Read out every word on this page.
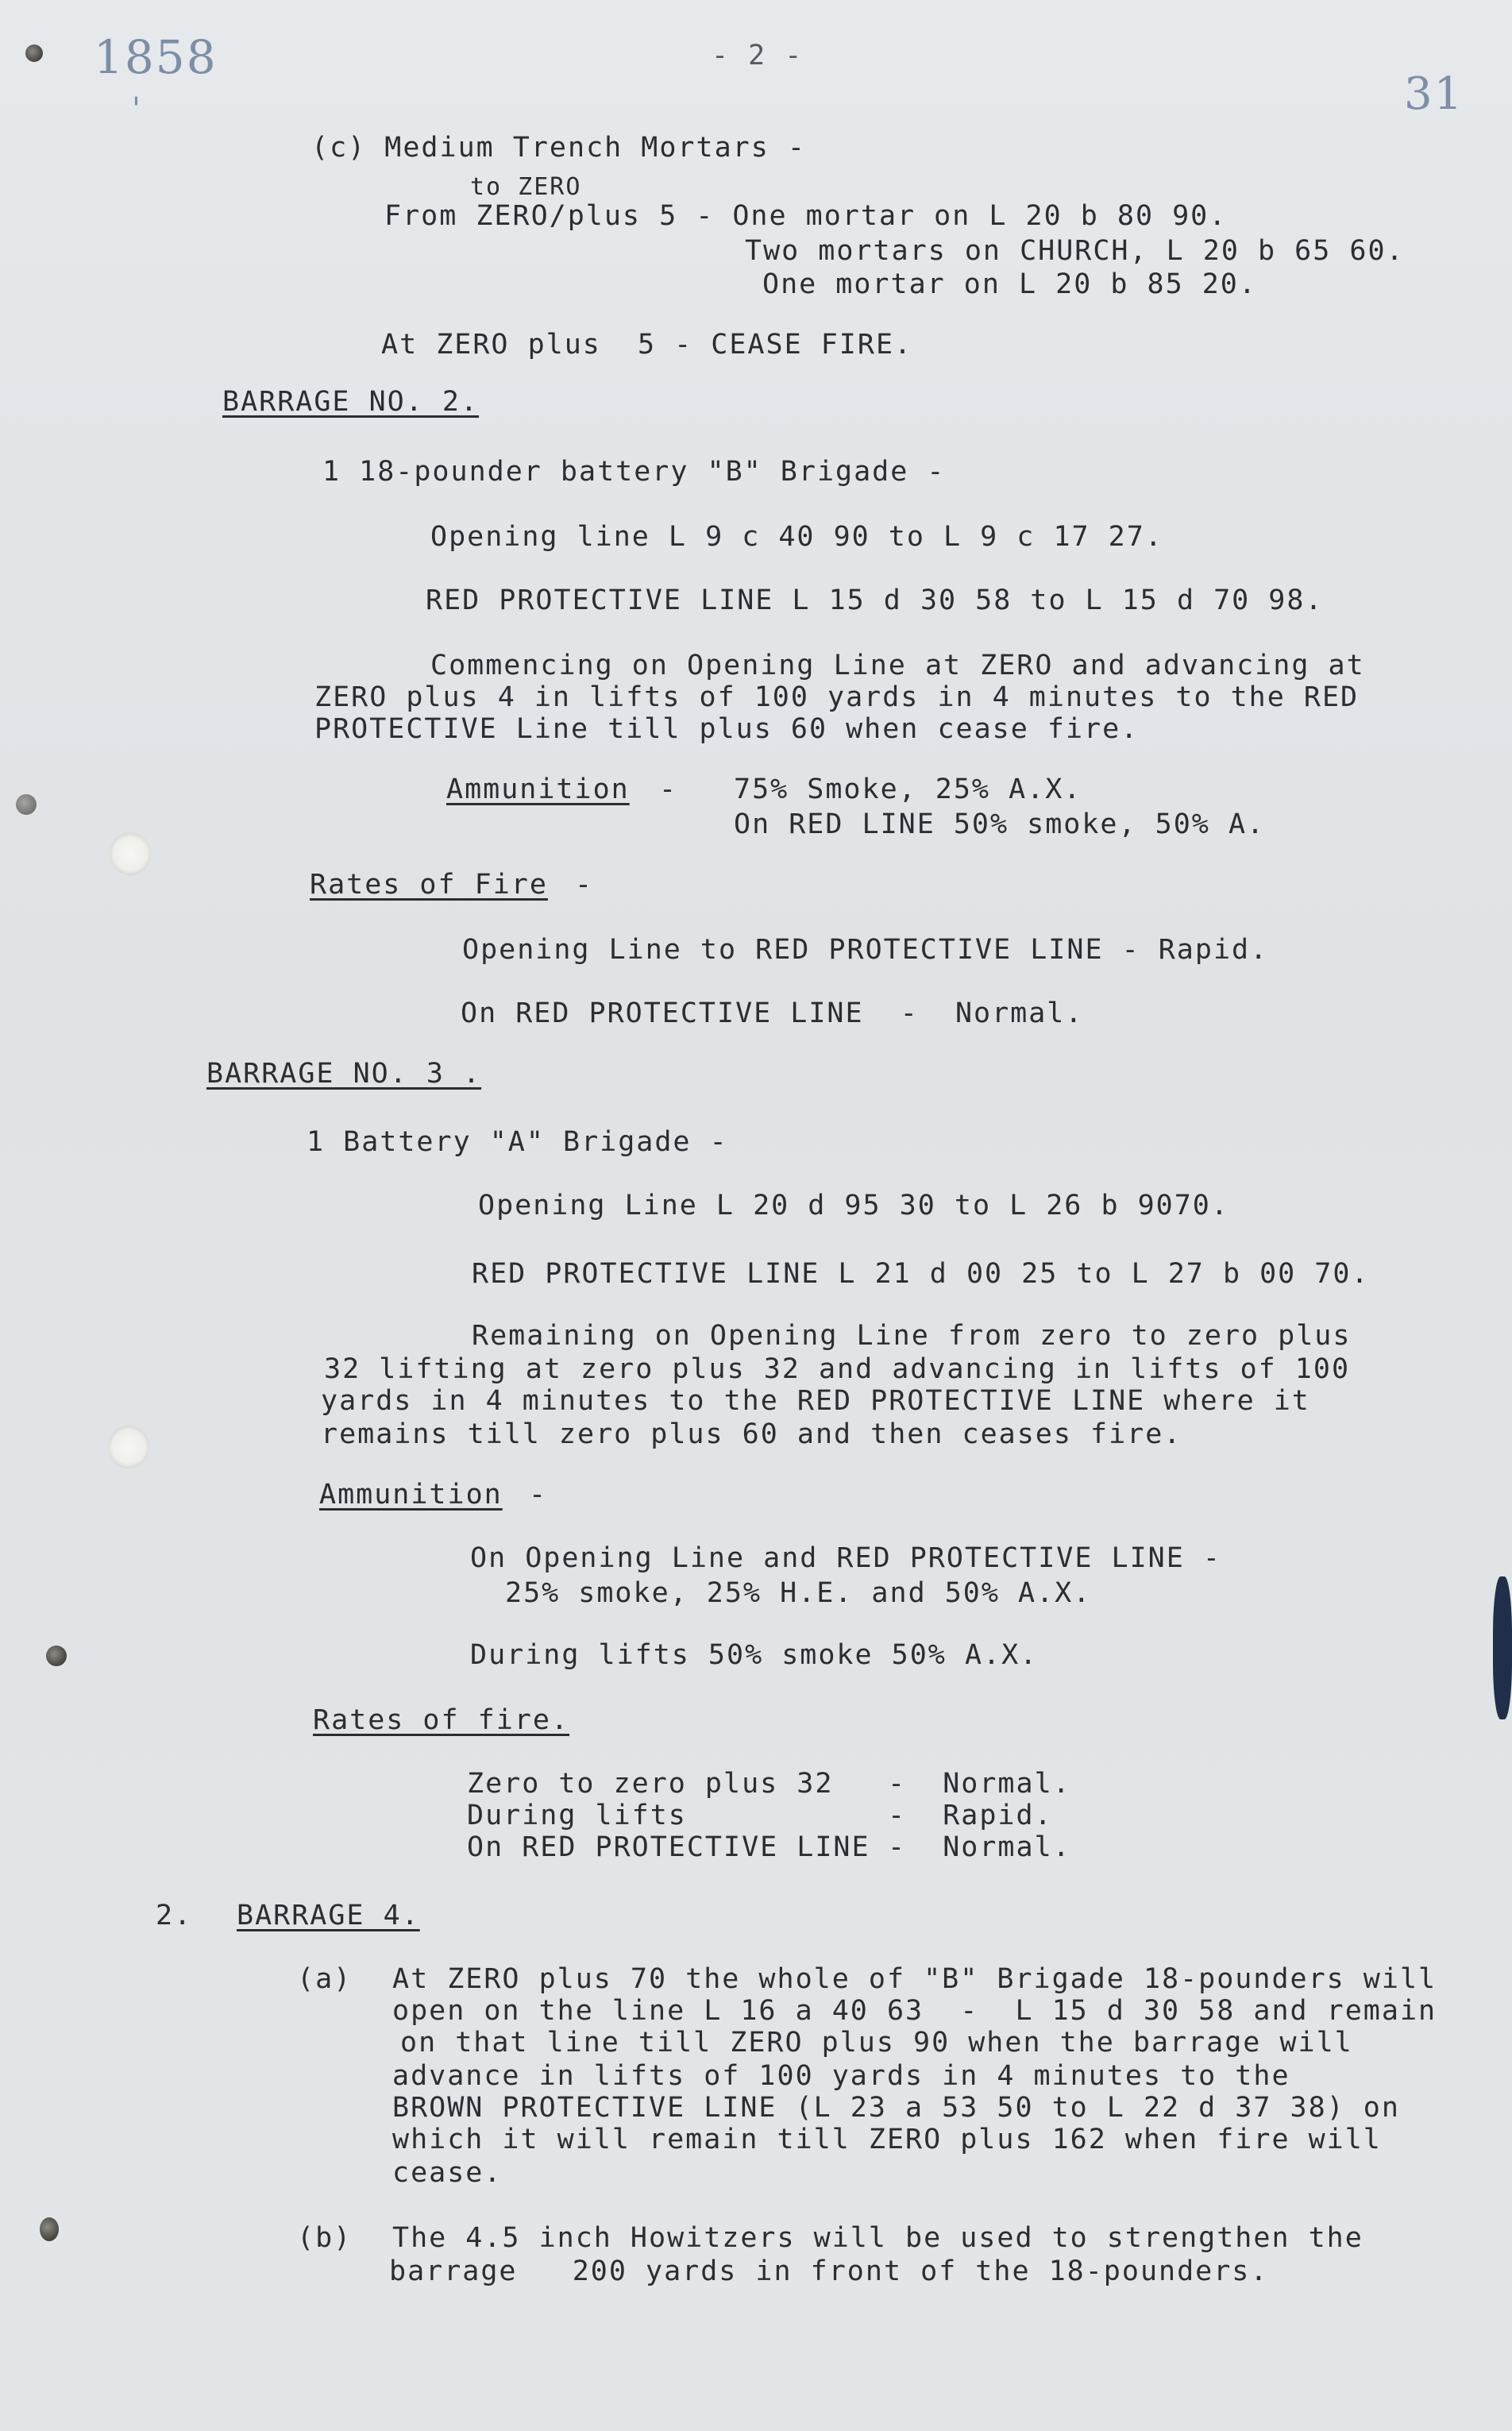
1858
'
- 2 -
31
(c) Medium Trench Mortars -
to ZERO
From ZERO/plus 5 - One mortar on L 20 b 80 90.
Two mortars on CHURCH, L 20 b 65 60.
One mortar on L 20 b 85 20.
At ZERO plus  5 - CEASE FIRE.
BARRAGE NO. 2.
1 18-pounder battery "B" Brigade -
Opening line L 9 c 40 90 to L 9 c 17 27.
RED PROTECTIVE LINE L 15 d 30 58 to L 15 d 70 98.
Commencing on Opening Line at ZERO and advancing at
ZERO plus 4 in lifts of 100 yards in 4 minutes to the RED
PROTECTIVE Line till plus 60 when cease fire.
Ammunition - 75% Smoke, 25% A.X.
On RED LINE 50% smoke, 50% A.
Rates of Fire -
Opening Line to RED PROTECTIVE LINE - Rapid.
On RED PROTECTIVE LINE  -  Normal.
BARRAGE NO. 3 .
1 Battery "A" Brigade -
Opening Line L 20 d 95 30 to L 26 b 9070.
RED PROTECTIVE LINE L 21 d 00 25 to L 27 b 00 70.
Remaining on Opening Line from zero to zero plus
32 lifting at zero plus 32 and advancing in lifts of 100
yards in 4 minutes to the RED PROTECTIVE LINE where it
remains till zero plus 60 and then ceases fire.
Ammunition -
On Opening Line and RED PROTECTIVE LINE -
25% smoke, 25% H.E. and 50% A.X.
During lifts 50% smoke 50% A.X.
Rates of fire.
Zero to zero plus 32 -  Normal.
During lifts	-  Rapid.
On RED PROTECTIVE LINE -  Normal.
2. BARRAGE 4.
(a) At ZERO plus 70 the whole of "B" Brigade 18-pounders will
open on the line L 16 a 40 63  -  L 15 d 30 58 and remain
on that line till ZERO plus 90 when the barrage will
advance in lifts of 100 yards in 4 minutes to the
BROWN PROTECTIVE LINE (L 23 a 53 50 to L 22 d 37 38) on
which it will remain till ZERO plus 162 when fire will
cease.
(b) The 4.5 inch Howitzers will be used to strengthen the
barrage   200 yards in front of the 18-pounders.
